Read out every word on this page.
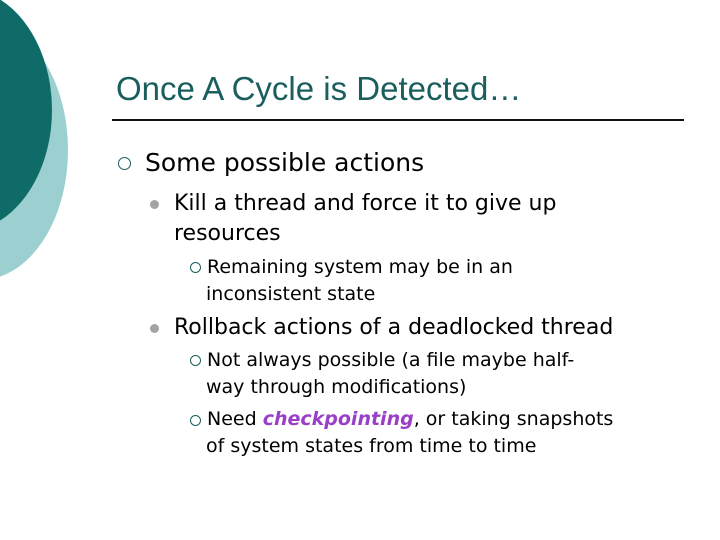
Once A Cycle is Detected…
Some possible actions
Kill a thread and force it to give up
resources
Remaining system may be in an
inconsistent state
Rollback actions of a deadlocked thread
Not always possible (a file maybe half-
way through modifications)
Need checkpointing, or taking snapshots
of system states from time to time
